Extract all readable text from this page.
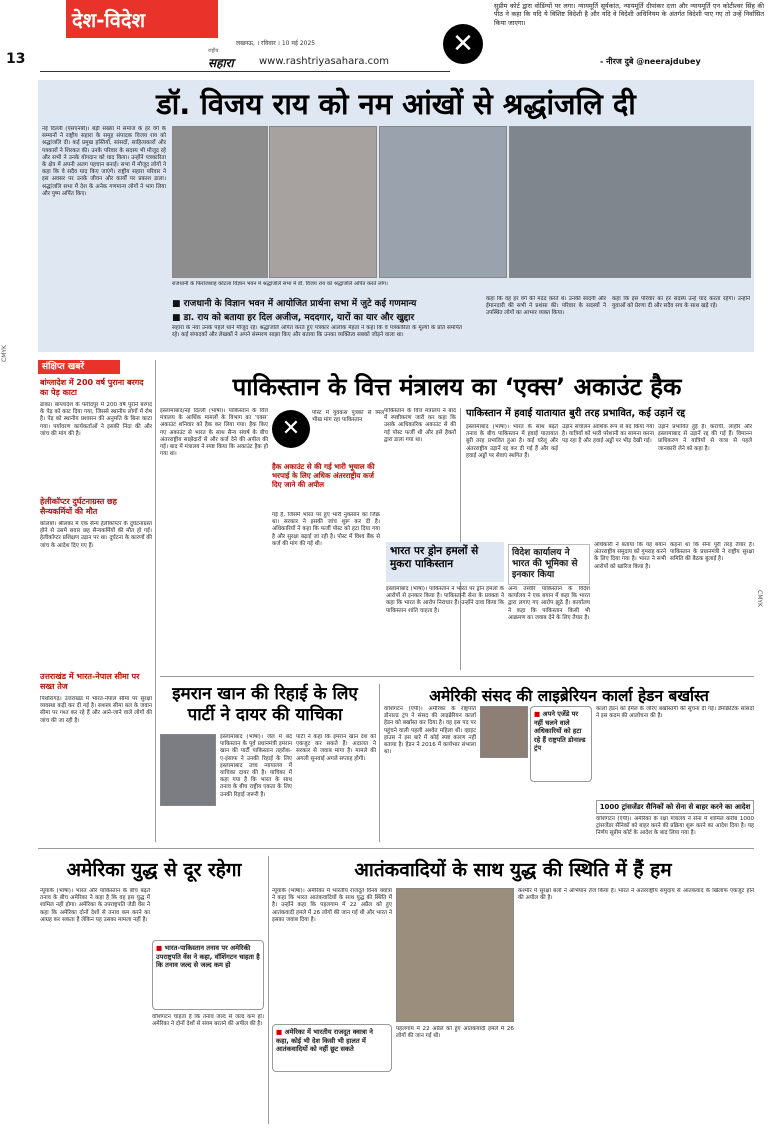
13
देश-विदेश
लखनऊ, । रविवार । 10 मई 2025
राष्ट्रीय
सहारा	www.rashtriyasahara.com
✕
सुप्रीम कोर्ट द्वारा वोडिंग्यों पर लगा। न्यायमूर्ति सूर्यकांत, न्यायमूर्ति दीपांकर दत्ता और न्यायमूर्ति एन कोटीश्वर सिंह की पीठ ने कहा कि यदि ये विशिष्ट विदेशी है और यदि वे विदेशी अधिनियम के अंतर्गत विदेशी पाए गए तो उन्हें निर्वासित किया जाएगा।
- नीरज दुबे @neerajdubey
CMYK
CMYK
डॉ. विजय राय को नम आंखों से श्रद्धांजलि दी
नई दिल्ली (एसएनबी)। बड़ी संख्या में समाज के हर वर्ग के सम्मानों ने राष्ट्रीय सहारा के समूह संपादक विजय राय को श्रद्धांजलि दी। कई प्रमुख हस्तियों, सांसदों, साहित्यकारों और पत्रकारों ने शिरकत की। उनके परिवार के सदस्य भी मौजूद रहे और सभी ने उनके योगदान को याद किया। उन्होंने पत्रकारिता के क्षेत्र में अपनी अलग पहचान बनाई। सभा में मौजूद लोगों ने कहा कि वे सदैव याद किए जाएंगे। राष्ट्रीय सहारा परिवार ने इस अवसर पर उनके जीवन और कार्यों पर प्रकाश डाला। श्रद्धांजलि सभा में देश के अनेक गणमान्य लोगों ने भाग लिया और पुष्प अर्पित किए।
राजधानी के फिरोजशाह कोटला विज्ञान भवन में श्रद्धांजलि सभा में डॉ. विजय राय को श्रद्धांजलि अर्पित करते लोग।
■ राजधानी के विज्ञान भवन में आयोजित प्रार्थना सभा में जुटे कई गणमान्य
■ डा. राय को बताया हर दिल अजीज, मददगार, यारों का यार और खुद्दार
सहारा के नवा उनके पहले थाने मौजूद रहे। श्रद्धांजलि अर्पित करते हुए पत्रकार आलोक मेहता ने कहा कि वे पत्रकारिता के मूल्यों के प्रति समर्पित रहे। कई संपादकों और लेखकों ने अपने संस्मरण साझा किए और बताया कि उनका व्यक्तित्व सबको जोड़ने वाला था।
कहा कि वह हर वर्ग की मदद करते थे। उनकी सादगी और ईमानदारी की सभी ने प्रशंसा की। परिवार के सदस्यों ने उपस्थित लोगों का आभार व्यक्त किया।
कहा कि इस परिवार का हर सदस्य उन्हें याद करता रहेगा। उन्होंने युवाओं को प्रेरणा दी और सदैव सच के साथ खड़े रहे।
संक्षिप्त खबरें
बांग्लादेश में 200 वर्ष पुराना बरगद का पेड़ काटा
ढाका। बांग्लादेश के फरीदपुर में 200 वर्ष पुराने बरगद के पेड़ को काट दिया गया, जिससे स्थानीय लोगों में रोष है। पेड़ को स्थानीय प्रशासन की अनुमति के बिना काटा गया। पर्यावरण कार्यकर्ताओं ने इसकी निंदा की और जांच की मांग की है।
हेलीकॉप्टर दुर्घटनाग्रस्त छह सैन्यकर्मियों की मौत
कोलंबो। श्रीलंका में एक सैन्य हेलीकॉप्टर के दुर्घटनाग्रस्त होने से उसमें सवार छह सैन्यकर्मियों की मौत हो गई। हेलीकॉप्टर प्रशिक्षण उड़ान पर था। दुर्घटना के कारणों की जांच के आदेश दिए गए हैं।
उत्तराखंड में भारत-नेपाल सीमा पर सख्त तेज
पिथौरागढ़। उत्तराखंड में भारत-नेपाल सीमा पर सुरक्षा व्यवस्था कड़ी कर दी गई है। सशस्त्र सीमा बल के जवान सीमा पर गश्त कर रहे हैं और आने-जाने वाले लोगों की जांच की जा रही है।
पाकिस्तान के वित्त मंत्रालय का ‘एक्स’ अकाउंट हैक
इस्लामाबाद/नई दिल्ली (भाषा)। पाकिस्तान के वित्त मंत्रालय के आर्थिक मामलों के विभाग का ‘एक्स’ अकाउंट शनिवार को हैक कर लिया गया। हैक किए गए अकाउंट से भारत के साथ सैन्य संघर्ष के बीच अंतरराष्ट्रीय साझेदारों से और कर्ज देने की अपील की गई। बाद में मंत्रालय ने स्पष्ट किया कि अकाउंट हैक हो गया था।
✕
पोस्ट में युवकस पुत्रकों से मिल भीख मांग रहा पाकिस्तान
हैक अकाउंट से की गई भारी भूचाल की भरपाई के लिए अधिक अंतरराष्ट्रीय कर्ज दिए जाने की अपील
गई है, जिसमें भारत पर हुए भारी नुकसान का जिक्र था। सरकार ने इसकी जांच शुरू कर दी है। अधिकारियों ने कहा कि फर्जी पोस्ट को हटा दिया गया है और सुरक्षा बढ़ाई जा रही है। पोस्ट में विश्व बैंक से कर्ज की मांग की गई थी।
पाकिस्तान के वित्त मंत्रालय ने बाद में स्पष्टीकरण जारी कर कहा कि उसके आधिकारिक अकाउंट से की गई पोस्ट फर्जी थी और इसे हैकरों द्वारा डाला गया था।
पाकिस्तान में हवाई यातायात बुरी तरह प्रभावित, कई उड़ानें रद्द
इस्लामाबाद (भाषा)। भारत के साथ बढ़ते तनाव के बीच पाकिस्तान में हवाई यातायात बुरी तरह प्रभावित हुआ है। कई घरेलू और अंतरराष्ट्रीय उड़ानें रद्द कर दी गई हैं और कई हवाई अड्डों पर सेवाएं स्थगित हैं।
उड़ान संचालन आंशिक रूप से बंद किया गया है। यात्रियों को भारी परेशानी का सामना करना पड़ रहा है और हवाई अड्डों पर भीड़ देखी गई।
उड़ानें प्रभावित हुई हैं। कराची, लाहौर और इस्लामाबाद से उड़ानें रद्द की गई हैं। विमानन प्राधिकरण ने यात्रियों से यात्रा से पहले जानकारी लेने को कहा है।
भारत पर ड्रोन हमलों से मुकरा पाकिस्तान
इस्लामाबाद (भाषा)। पाकिस्तान ने भारत पर ड्रोन हमलों के आरोपों से इनकार किया है। पाकिस्तानी सेना के प्रवक्ता ने कहा कि भारत के आरोप निराधार हैं। उन्होंने दावा किया कि पाकिस्तान शांति चाहता है।
विदेश कार्यालय ने भारत की भूमिका से इनकार किया
अन्य तस्वीरें पाकिस्तान के विदेश कार्यालय ने एक बयान में कहा कि भारत द्वारा लगाए गए आरोप झूठे हैं। कार्यालय ने कहा कि पाकिस्तान किसी भी आक्रमण का जवाब देने के लिए तैयार है।
अधिकारी ने बताया कि यह बयान अंतरराष्ट्रीय समुदाय को गुमराह करने के लिए दिया गया है। भारत ने सभी आरोपों को खारिज किया है।
कहना था कि सेना पूरी तरह तैयार है। पाकिस्तान के प्रधानमंत्री ने राष्ट्रीय सुरक्षा समिति की बैठक बुलाई है।
इमरान खान की रिहाई के लिए पार्टी ने दायर की याचिका
इस्लामाबाद (भाषा)। जेल में बंद पाकिस्तान के पूर्व प्रधानमंत्री इमरान खान की पार्टी पाकिस्तान तहरीक-ए-इंसाफ ने उनकी रिहाई के लिए इस्लामाबाद उच्च न्यायालय में याचिका दायर की है। याचिका में कहा गया है कि भारत के साथ तनाव के बीच राष्ट्रीय एकता के लिए उनकी रिहाई जरूरी है।
पार्टी ने कहा कि इमरान खान देश को एकजुट कर सकते हैं। अदालत ने सरकार से जवाब मांगा है। मामले की अगली सुनवाई अगले सप्ताह होगी।
अमेरिकी संसद की लाइब्रेरियन कार्ला हेडन बर्खास्त
वाशिंगटन (एपी)। अमेरिका के राष्ट्रपति डोनाल्ड ट्रंप ने संसद की लाइब्रेरियन कार्ला हेडन को बर्खास्त कर दिया है। वह इस पद पर पहुंचने वाली पहली अश्वेत महिला थीं। व्हाइट हाउस ने इस बारे में कोई स्पष्ट कारण नहीं बताया है। हेडन ने 2016 में कार्यभार संभाला था।
■ अपने एजेंडे पर नहीं चलने वाले अधिकारियों को हटा रहे हैं राष्ट्रपति डोनाल्ड ट्रंप
कार्ला हेडन को ईमेल के जरिए बर्खास्तगी की सूचना दी गई। डेमोक्रेटिक सांसदों ने इस कदम की आलोचना की है।
1000 ट्रांसजेंडर सैनिकों को सेना से बाहर करने का आदेश
वाशिंगटन (एपी)। अमेरिका के रक्षा मंत्रालय ने सेना में शामिल करीब 1000 ट्रांसजेंडर सैनिकों को बाहर करने की प्रक्रिया शुरू करने का आदेश दिया है। यह निर्णय सुप्रीम कोर्ट के आदेश के बाद लिया गया है।
अमेरिका युद्ध से दूर रहेगा
न्यूयार्क (भाषा)। भारत और पाकिस्तान के बीच बढ़ते तनाव के बीच अमेरिका ने कहा है कि वह इस युद्ध में शामिल नहीं होगा। अमेरिका के उपराष्ट्रपति जेडी वेंस ने कहा कि अमेरिका दोनों देशों से तनाव कम करने का आग्रह कर सकता है लेकिन यह उसका मामला नहीं है।
■ भारत-पाकिस्तान तनाव पर अमेरिकी उपराष्ट्रपति वेंस ने कहा, वॉशिंगटन चाहता है कि तनाव जल्द से जल्द कम हो
वॉशिंगटन चाहता है कि तनाव जल्द से जल्द कम हो। अमेरिका ने दोनों देशों से संयम बरतने की अपील की है।
आतंकवादियों के साथ युद्ध की स्थिति में हैं हम
न्यूयार्क (भाषा)। अमेरिका में भारतीय राजदूत विनय क्वात्रा ने कहा कि भारत आतंकवादियों के साथ युद्ध की स्थिति में है। उन्होंने कहा कि पहलगाम में 22 अप्रैल को हुए आतंकवादी हमले में 26 लोगों की जान गई थी और भारत ने इसका जवाब दिया है।
■ अमेरिका में भारतीय राजदूत क्वात्रा ने कहा, कोई भी देश किसी भी हालत में आतंकवादियों को नहीं छूट सकते
पहलगाम में 22 अप्रैल को हुए आतंकवादी हमले में 26 लोगों की जान गई थी।
कश्मीर में सुरक्षा बलों ने अभियान तेज किया है। भारत ने अंतरराष्ट्रीय समुदाय से आतंकवाद के खिलाफ एकजुट होने की अपील की है।
